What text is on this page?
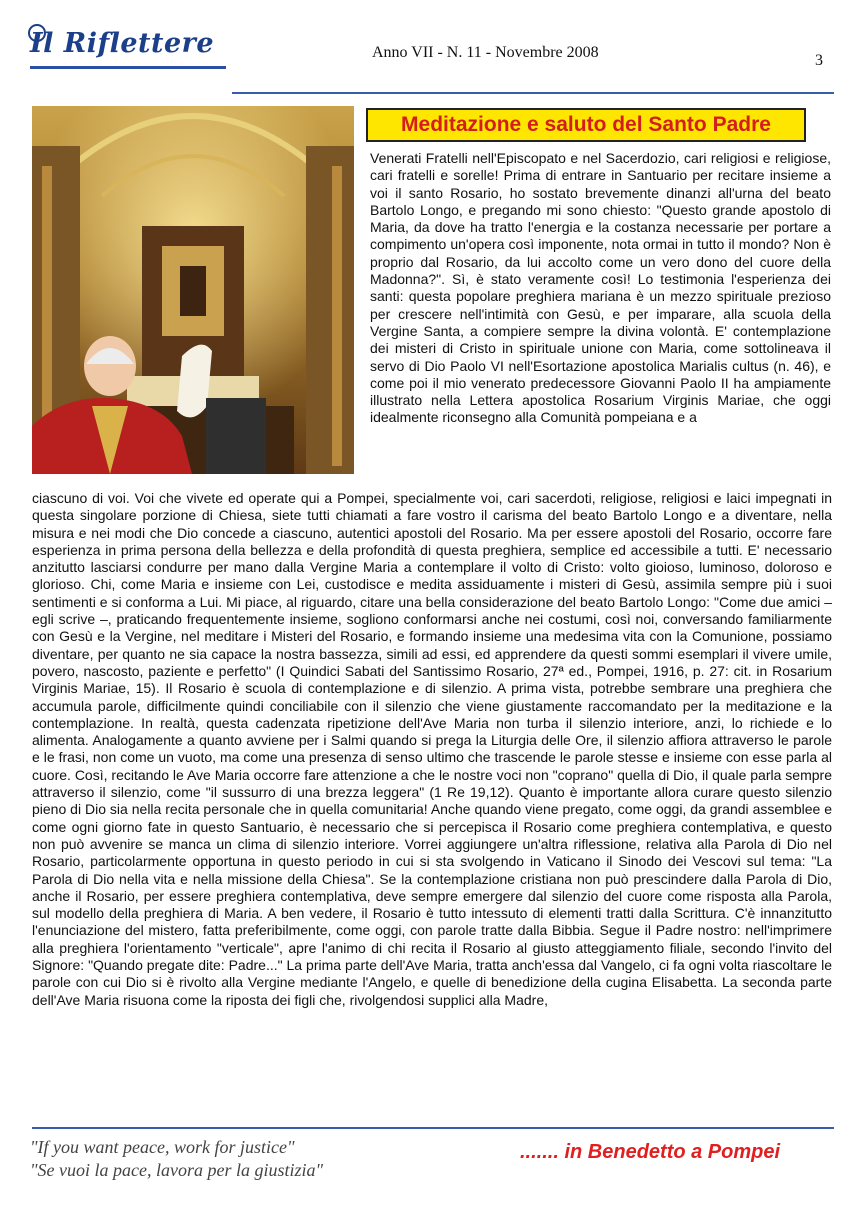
Il Riflettere	Anno VII - N. 11 - Novembre 2008	3
Meditazione e saluto del Santo Padre

Venerati Fratelli nell'Episcopato e nel Sacerdozio, cari religiosi e religiose, cari fratelli e sorelle! Prima di entrare in Santuario per recitare insieme a voi il santo Rosario, ho sostato brevemente dinanzi all'urna del beato Bartolo Longo, e pregando mi sono chiesto: "Questo grande apostolo di Maria, da dove ha tratto l'energia e la costanza necessarie per portare a compimento un'opera così imponente, nota ormai in tutto il mondo? Non è proprio dal Rosario, da lui accolto come un vero dono del cuore della Madonna?". Sì, è stato veramente così! Lo testimonia l'esperienza dei santi: questa popolare preghiera mariana è un mezzo spirituale prezioso per crescere nell'intimità con Gesù, e per imparare, alla scuola della Vergine Santa, a compiere sempre la divina volontà. E' contemplazione dei misteri di Cristo in spirituale unione con Maria, come sottolineava il servo di Dio Paolo VI nell'Esortazione apostolica Marialis cultus (n. 46), e come poi il mio venerato predecessore Giovanni Paolo II ha ampiamente illustrato nella Lettera apostolica Rosarium Virginis Mariae, che oggi idealmente riconsegno alla Comunità pompeiana e a

ciascuno di voi. Voi che vivete ed operate qui a Pompei, specialmente voi, cari sacerdoti, religiose, religiosi e laici impegnati in questa singolare porzione di Chiesa, siete tutti chiamati a fare vostro il carisma del beato Bartolo Longo e a diventare, nella misura e nei modi che Dio concede a ciascuno, autentici apostoli del Rosario. Ma per essere apostoli del Rosario, occorre fare esperienza in prima persona della bellezza e della profondità di questa preghiera, semplice ed accessibile a tutti. E' necessario anzitutto lasciarsi condurre per mano dalla Vergine Maria a contemplare il volto di Cristo: volto gioioso, luminoso, doloroso e glorioso. Chi, come Maria e insieme con Lei, custodisce e medita assiduamente i misteri di Gesù, assimila sempre più i suoi sentimenti e si conforma a Lui. Mi piace, al riguardo, citare una bella considerazione del beato Bartolo Longo: "Come due amici – egli scrive –, praticando frequentemente insieme, sogliono conformarsi anche nei costumi, così noi, conversando familiarmente con Gesù e la Vergine, nel meditare i Misteri del Rosario, e formando insieme una medesima vita con la Comunione, possiamo diventare, per quanto ne sia capace la nostra bassezza, simili ad essi, ed apprendere da questi sommi esemplari il vivere umile, povero, nascosto, paziente e perfetto" (I Quindici Sabati del Santissimo Rosario, 27ª ed., Pompei, 1916, p. 27: cit. in Rosarium Virginis Mariae, 15). Il Rosario è scuola di contemplazione e di silenzio. A prima vista, potrebbe sembrare una preghiera che accumula parole, difficilmente quindi conciliabile con il silenzio che viene giustamente raccomandato per la meditazione e la contemplazione. In realtà, questa cadenzata ripetizione dell'Ave Maria non turba il silenzio interiore, anzi, lo richiede e lo alimenta. Analogamente a quanto avviene per i Salmi quando si prega la Liturgia delle Ore, il silenzio affiora attraverso le parole e le frasi, non come un vuoto, ma come una presenza di senso ultimo che trascende le parole stesse e insieme con esse parla al cuore. Così, recitando le Ave Maria occorre fare attenzione a che le nostre voci non "coprano" quella di Dio, il quale parla sempre attraverso il silenzio, come "il sussurro di una brezza leggera" (1 Re 19,12). Quanto è importante allora curare questo silenzio pieno di Dio sia nella recita personale che in quella comunitaria! Anche quando viene pregato, come oggi, da grandi assemblee e come ogni giorno fate in questo Santuario, è necessario che si percepisca il Rosario come preghiera contemplativa, e questo non può avvenire se manca un clima di silenzio interiore. Vorrei aggiungere un'altra riflessione, relativa alla Parola di Dio nel Rosario, particolarmente opportuna in questo periodo in cui si sta svolgendo in Vaticano il Sinodo dei Vescovi sul tema: "La Parola di Dio nella vita e nella missione della Chiesa". Se la contemplazione cristiana non può prescindere dalla Parola di Dio, anche il Rosario, per essere preghiera contemplativa, deve sempre emergere dal silenzio del cuore come risposta alla Parola, sul modello della preghiera di Maria. A ben vedere, il Rosario è tutto intessuto di elementi tratti dalla Scrittura. C'è innanzitutto l'enunciazione del mistero, fatta preferibilmente, come oggi, con parole tratte dalla Bibbia. Segue il Padre nostro: nell'imprimere alla preghiera l'orientamento "verticale", apre l'animo di chi recita il Rosario al giusto atteggiamento filiale, secondo l'invito del Signore: "Quando pregate dite: Padre..." La prima parte dell'Ave Maria, tratta anch'essa dal Vangelo, ci fa ogni volta riascoltare le parole con cui Dio si è rivolto alla Vergine mediante l'Angelo, e quelle di benedizione della cugina Elisabetta. La seconda parte dell'Ave Maria risuona come la riposta dei figli che, rivolgendosi supplici alla Madre,

"If you want peace, work for justice"
"Se vuoi la pace, lavora per la giustizia"
....... in Benedetto a Pompei
